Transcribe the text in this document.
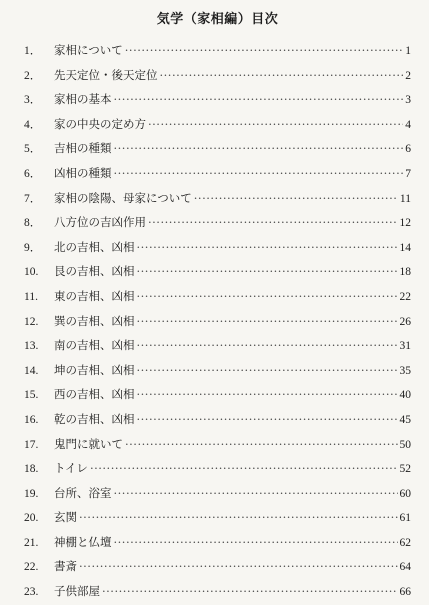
気学（家相編）目次
1．	家相について ·····	1
2．	先天定位・後天定位 ·····	2
3．	家相の基本 ·····	3
4．	家の中央の定め方 ·····	4
5．	吉相の種類 ·····	6
6．	凶相の種類 ·····	7
7．	家相の陰陽、母家について ·····	11
8．	八方位の吉凶作用 ·····	12
9．	北の吉相、凶相 ·····	14
10.	艮の吉相、凶相 ·····	18
11.	東の吉相、凶相 ·····	22
12.	巽の吉相、凶相 ·····	26
13.	南の吉相、凶相 ·····	31
14.	坤の吉相、凶相 ·····	35
15.	西の吉相、凶相 ·····	40
16.	乾の吉相、凶相 ·····	45
17.	鬼門に就いて ·····	50
18.	トイレ ·····	52
19.	台所、浴室 ·····	60
20.	玄関 ·····	61
21.	神棚と仏壇 ·····	62
22.	書斎 ·····	64
23.	子供部屋 ·····	66
